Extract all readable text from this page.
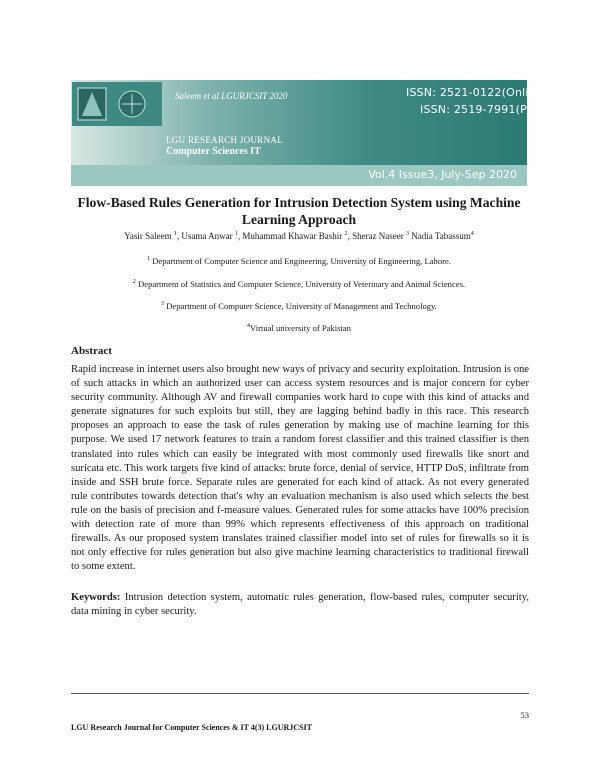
Saleem et al LGURJCSIT 2020	ISSN: 2521-0122(Online)
ISSN: 2519-7991(Print)
LGU RESEARCH JOURNAL
Computer Sciences IT
Vol.4 Issue3, July-Sep 2020
Flow-Based Rules Generation for Intrusion Detection System using Machine Learning Approach
Yasir Saleem $^1$, Usama Anwar $^1$, Muhammad Khawar Bashir $^2$, Sheraz Naseer $^3$ Nadia Tabassum$^4$
$^1$ Department of Computer Science and Engineering, University of Engineering, Lahore.
$^2$ Department of Statistics and Computer Science, University of Veterinary and Animal Sciences.
$^3$ Department of Computer Science, University of Management and Technology.
$^4$Virtual university of Pakistan
Abstract
Rapid increase in internet users also brought new ways of privacy and security exploitation. Intrusion is one of such attacks in which an authorized user can access system resources and is major concern for cyber security community. Although AV and firewall companies work hard to cope with this kind of attacks and generate signatures for such exploits but still, they are lagging behind badly in this race. This research proposes an approach to ease the task of rules generation by making use of machine learning for this purpose. We used 17 network features to train a random forest classifier and this trained classifier is then translated into rules which can easily be integrated with most commonly used firewalls like snort and suricata etc. This work targets five kind of attacks: brute force, denial of service, HTTP DoS, infiltrate from inside and SSH brute force. Separate rules are generated for each kind of attack. As not every generated rule contributes towards detection that's why an evaluation mechanism is also used which selects the best rule on the basis of precision and f-measure values. Generated rules for some attacks have 100% precision with detection rate of more than 99% which represents effectiveness of this approach on traditional firewalls. As our proposed system translates trained classifier model into set of rules for firewalls so it is not only effective for rules generation but also give machine learning characteristics to traditional firewall to some extent.
Keywords: Intrusion detection system, automatic rules generation, flow-based rules, computer security, data mining in cyber security.
53
LGU Research Journal for Computer Sciences & IT 4(3) LGURJCSIT
